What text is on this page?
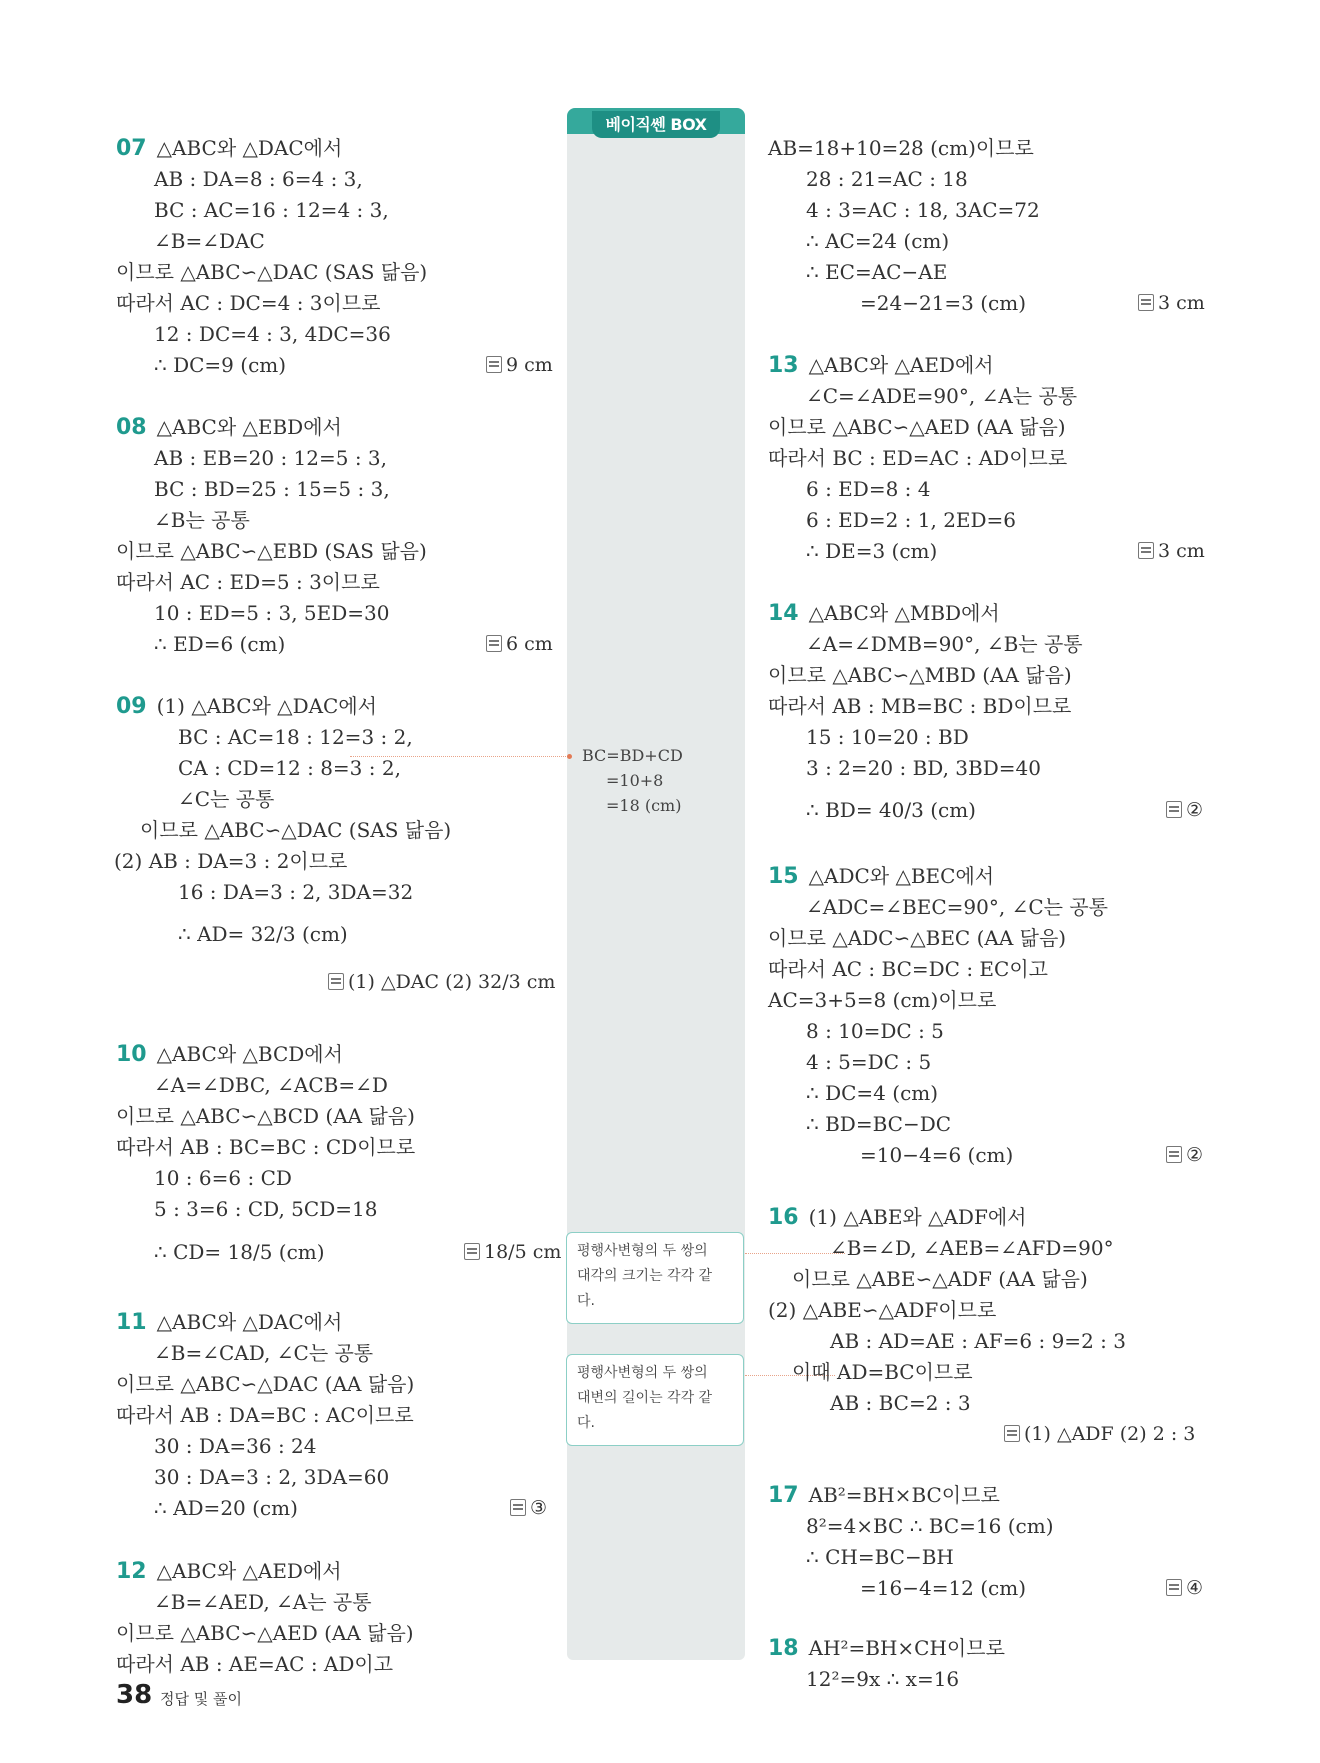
베이직쎈 BOX
07 △ABC와 △DAC에서
AB : DA=8 : 6=4 : 3,
BC : AC=16 : 12=4 : 3,
∠B=∠DAC
이므로 △ABC∽△DAC (SAS 닮음)
따라서 AC : DC=4 : 3이므로
12 : DC=4 : 3, 4DC=36
∴ DC=9 (cm)	9 cm
08 △ABC와 △EBD에서
AB : EB=20 : 12=5 : 3,
BC : BD=25 : 15=5 : 3,
∠B는 공통
이므로 △ABC∽△EBD (SAS 닮음)
따라서 AC : ED=5 : 3이므로
10 : ED=5 : 3, 5ED=30
∴ ED=6 (cm)	6 cm
09 (1) △ABC와 △DAC에서
BC : AC=18 : 12=3 : 2,
CA : CD=12 : 8=3 : 2,
∠C는 공통
이므로 △ABC∽△DAC (SAS 닮음)
(2) AB : DA=3 : 2이므로
16 : DA=3 : 2, 3DA=32
∴ AD= 32/3 (cm)
(1) △DAC (2) 32/3 cm
10 △ABC와 △BCD에서
∠A=∠DBC, ∠ACB=∠D
이므로 △ABC∽△BCD (AA 닮음)
따라서 AB : BC=BC : CD이므로
10 : 6=6 : CD
5 : 3=6 : CD, 5CD=18
∴ CD= 18/5 (cm)	18/5 cm
11 △ABC와 △DAC에서
∠B=∠CAD, ∠C는 공통
이므로 △ABC∽△DAC (AA 닮음)
따라서 AB : DA=BC : AC이므로
30 : DA=36 : 24
30 : DA=3 : 2, 3DA=60
∴ AD=20 (cm)	③
12 △ABC와 △AED에서
∠B=∠AED, ∠A는 공통
이므로 △ABC∽△AED (AA 닮음)
따라서 AB : AE=AC : AD이고
BC=BD+CD
=10+8
=18 (cm)
평행사변형의 두 쌍의
대각의 크기는 각각 같
다.
평행사변형의 두 쌍의
대변의 길이는 각각 같
다.
AB=18+10=28 (cm)이므로
28 : 21=AC : 18
4 : 3=AC : 18, 3AC=72
∴ AC=24 (cm)
∴ EC=AC−AE
=24−21=3 (cm)	3 cm
13 △ABC와 △AED에서
∠C=∠ADE=90°, ∠A는 공통
이므로 △ABC∽△AED (AA 닮음)
따라서 BC : ED=AC : AD이므로
6 : ED=8 : 4
6 : ED=2 : 1, 2ED=6
∴ DE=3 (cm)	3 cm
14 △ABC와 △MBD에서
∠A=∠DMB=90°, ∠B는 공통
이므로 △ABC∽△MBD (AA 닮음)
따라서 AB : MB=BC : BD이므로
15 : 10=20 : BD
3 : 2=20 : BD, 3BD=40
∴ BD= 40/3 (cm)	②
15 △ADC와 △BEC에서
∠ADC=∠BEC=90°, ∠C는 공통
이므로 △ADC∽△BEC (AA 닮음)
따라서 AC : BC=DC : EC이고
AC=3+5=8 (cm)이므로
8 : 10=DC : 5
4 : 5=DC : 5
∴ DC=4 (cm)
∴ BD=BC−DC
=10−4=6 (cm)	②
16 (1) △ABE와 △ADF에서
∠B=∠D, ∠AEB=∠AFD=90°
이므로 △ABE∽△ADF (AA 닮음)
(2) △ABE∽△ADF이므로
AB : AD=AE : AF=6 : 9=2 : 3
이때 AD=BC이므로
AB : BC=2 : 3
(1) △ADF (2) 2 : 3
17 AB²=BH×BC이므로
8²=4×BC ∴ BC=16 (cm)
∴ CH=BC−BH
=16−4=12 (cm)	④
18 AH²=BH×CH이므로
12²=9x ∴ x=16
38 정답 및 풀이
